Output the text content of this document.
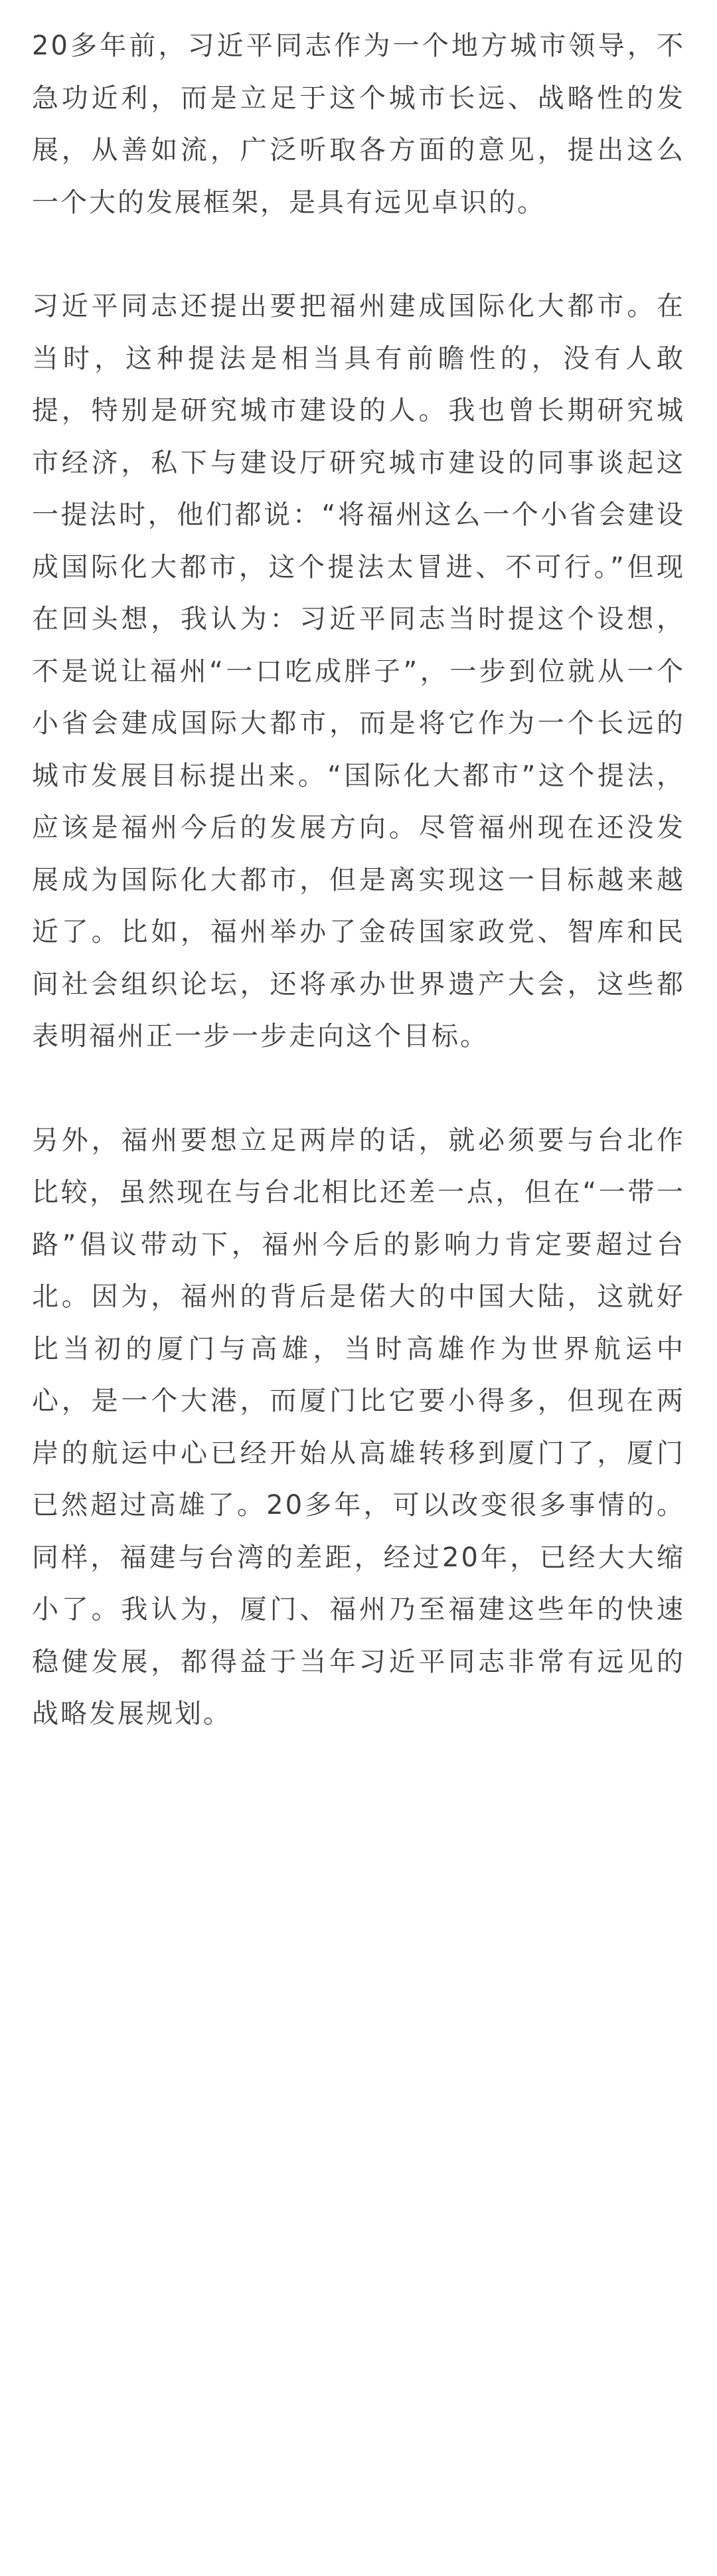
20多年前，习近平同志作为一个地方城市领导，不急功近利，而是立足于这个城市长远、战略性的发展，从善如流，广泛听取各方面的意见，提出这么一个大的发展框架，是具有远见卓识的。

习近平同志还提出要把福州建成国际化大都市。在当时，这种提法是相当具有前瞻性的，没有人敢提，特别是研究城市建设的人。我也曾长期研究城市经济，私下与建设厅研究城市建设的同事谈起这一提法时，他们都说：“将福州这么一个小省会建设成国际化大都市，这个提法太冒进、不可行。”但现在回头想，我认为：习近平同志当时提这个设想，不是说让福州“一口吃成胖子”，一步到位就从一个小省会建成国际大都市，而是将它作为一个长远的城市发展目标提出来。“国际化大都市”这个提法，应该是福州今后的发展方向。尽管福州现在还没发展成为国际化大都市，但是离实现这一目标越来越近了。比如，福州举办了金砖国家政党、智库和民间社会组织论坛，还将承办世界遗产大会，这些都表明福州正一步一步走向这个目标。

另外，福州要想立足两岸的话，就必须要与台北作比较，虽然现在与台北相比还差一点，但在“一带一路”倡议带动下，福州今后的影响力肯定要超过台北。因为，福州的背后是偌大的中国大陆，这就好比当初的厦门与高雄，当时高雄作为世界航运中心，是一个大港，而厦门比它要小得多，但现在两岸的航运中心已经开始从高雄转移到厦门了，厦门已然超过高雄了。20多年，可以改变很多事情的。同样，福建与台湾的差距，经过20年，已经大大缩小了。我认为，厦门、福州乃至福建这些年的快速稳健发展，都得益于当年习近平同志非常有远见的战略发展规划。
